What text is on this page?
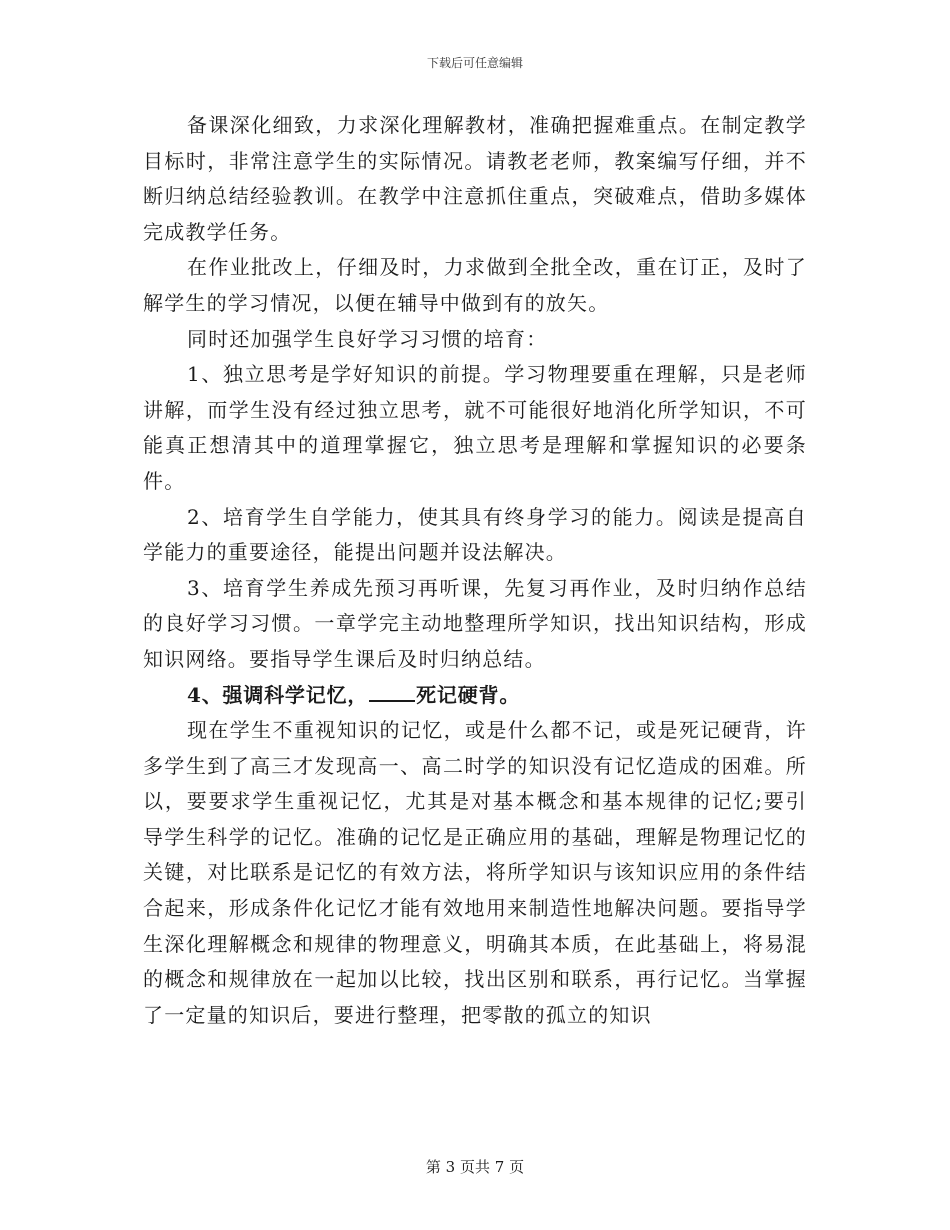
下载后可任意编辑

备课深化细致，力求深化理解教材，准确把握难重点。在制定教学目标时，非常注意学生的实际情况。请教老老师，教案编写仔细，并不断归纳总结经验教训。在教学中注意抓住重点，突破难点，借助多媒体完成教学任务。

在作业批改上，仔细及时，力求做到全批全改，重在订正，及时了解学生的学习情况，以便在辅导中做到有的放矢。

同时还加强学生良好学习习惯的培育：

1、独立思考是学好知识的前提。学习物理要重在理解，只是老师讲解，而学生没有经过独立思考，就不可能很好地消化所学知识，不可能真正想清其中的道理掌握它，独立思考是理解和掌握知识的必要条件。

2、培育学生自学能力，使其具有终身学习的能力。阅读是提高自学能力的重要途径，能提出问题并设法解决。

3、培育学生养成先预习再听课，先复习再作业，及时归纳作总结的良好学习习惯。一章学完主动地整理所学知识，找出知识结构，形成知识网络。要指导学生课后及时归纳总结。

4、强调科学记忆， 死记硬背。

现在学生不重视知识的记忆，或是什么都不记，或是死记硬背，许多学生到了高三才发现高一、高二时学的知识没有记忆造成的困难。所以，要要求学生重视记忆，尤其是对基本概念和基本规律的记忆;要引导学生科学的记忆。准确的记忆是正确应用的基础，理解是物理记忆的关键，对比联系是记忆的有效方法，将所学知识与该知识应用的条件结合起来，形成条件化记忆才能有效地用来制造性地解决问题。要指导学生深化理解概念和规律的物理意义，明确其本质，在此基础上，将易混的概念和规律放在一起加以比较，找出区别和联系，再行记忆。当掌握了一定量的知识后，要进行整理，把零散的孤立的知识

第 3 页共 7 页
